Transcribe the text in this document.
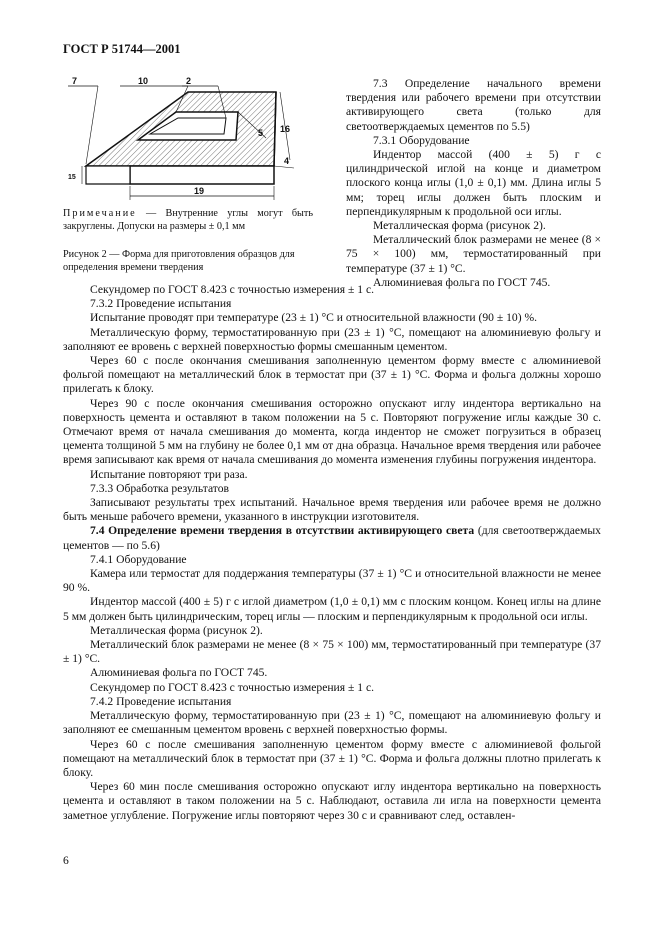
ГОСТ Р 51744—2001
7	10	2
5 16
4
15
19
Примечание — Внутренние углы могут быть закруглены. Допуски на размеры ± 0,1 мм
Рисунок 2 — Форма для приготовления образцов для определения времени твердения

7.3 Определение начального времени твердения или рабочего времени при отсутствии активирующего света (только для светоотверждаемых цементов по 5.5)

7.3.1 Оборудование

Индентор массой (400 ± 5) г с цилиндрической иглой на конце и диаметром плоского конца иглы (1,0 ± 0,1) мм. Длина иглы 5 мм; торец иглы должен быть плоским и перпендикулярным к продольной оси иглы.

Металлическая форма (рисунок 2).

Металлический блок размерами не менее (8 × 75 × 100) мм, термостатированный при температуре (37 ± 1) °С.

Алюминиевая фольга по ГОСТ 745.

Секундомер по ГОСТ 8.423 с точностью измерения ± 1 с.

7.3.2 Проведение испытания

Испытание проводят при температуре (23 ± 1) °С и относительной влажности (90 ± 10) %.

Металлическую форму, термостатированную при (23 ± 1) °С, помещают на алюминиевую фольгу и заполняют ее вровень с верхней поверхностью формы смешанным цементом.

Через 60 с после окончания смешивания заполненную цементом форму вместе с алюминиевой фольгой помещают на металлический блок в термостат при (37 ± 1) °С. Форма и фольга должны хорошо прилегать к блоку.

Через 90 с после окончания смешивания осторожно опускают иглу индентора вертикально на поверхность цемента и оставляют в таком положении на 5 с. Повторяют погружение иглы каждые 30 с. Отмечают время от начала смешивания до момента, когда индентор не сможет погрузиться в образец цемента толщиной 5 мм на глубину не более 0,1 мм от дна образца. Начальное время твердения или рабочее время записывают как время от начала смешивания до момента изменения глубины погружения индентора.

Испытание повторяют три раза.

7.3.3 Обработка результатов

Записывают результаты трех испытаний. Начальное время твердения или рабочее время не должно быть меньше рабочего времени, указанного в инструкции изготовителя.

7.4 Определение времени твердения в отсутствии активирующего света (для светоотверждаемых цементов — по 5.6)

7.4.1 Оборудование

Камера или термостат для поддержания температуры (37 ± 1) °С и относительной влажности не менее 90 %.

Индентор массой (400 ± 5) г с иглой диаметром (1,0 ± 0,1) мм с плоским концом. Конец иглы на длине 5 мм должен быть цилиндрическим, торец иглы — плоским и перпендикулярным к продольной оси иглы.

Металлическая форма (рисунок 2).

Металлический блок размерами не менее (8 × 75 × 100) мм, термостатированный при температуре (37 ± 1) °С.

Алюминиевая фольга по ГОСТ 745.

Секундомер по ГОСТ 8.423 с точностью измерения ± 1 с.

7.4.2 Проведение испытания

Металлическую форму, термостатированную при (23 ± 1) °С, помещают на алюминиевую фольгу и заполняют ее смешанным цементом вровень с верхней поверхностью формы.

Через 60 с после смешивания заполненную цементом форму вместе с алюминиевой фольгой помещают на металлический блок в термостат при (37 ± 1) °С. Форма и фольга должны плотно прилегать к блоку.

Через 60 мин после смешивания осторожно опускают иглу индентора вертикально на поверхность цемента и оставляют в таком положении на 5 с. Наблюдают, оставила ли игла на поверхности цемента заметное углубление. Погружение иглы повторяют через 30 с и сравнивают след, оставлен-

6
